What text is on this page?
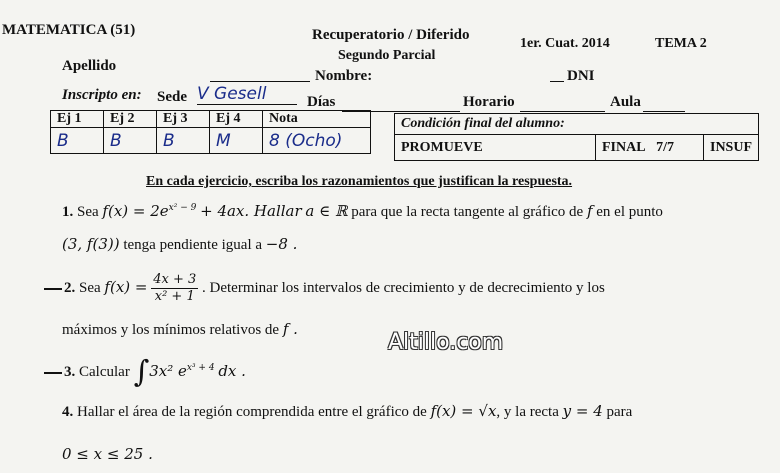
MATEMATICA (51)	Recuperatorio / Diferido
Segundo Parcial
1er. Cuat. 2014	TEMA 2
Apellido
Nombre:	DNI
Inscripto en: Sede V Gesell	Días	Horario	Aula
Ej 1	Ej 2	Ej 3	Ej 4	Nota
B	B	B	M	8 (Ocho)
Condición final del alumno:
PROMUEVE	FINAL 7/7	INSUF
En cada ejercicio, escriba los razonamientos que justifican la respuesta.
1. Sea $f(x) = 2e^{x^2 - 9} + 4ax$. Hallar a ∈ ℝ para que la recta tangente al gráfico de f en el punto
(3, f(3)) tenga pendiente igual a −8 .
2. Sea $f(x) = \frac{4x + 3}{\text{x² + 1}}$ . Determinar los intervalos de crecimiento y de decrecimiento y los
máximos y los mínimos relativos de f .
Altillo.com
3. Calcular ∫3x² $e^{x^3 + 4}$ dx .
4. Hallar el área de la región comprendida entre el gráfico de f(x) = √x, y la recta y = 4 para
0 ≤ x ≤ 25 .
